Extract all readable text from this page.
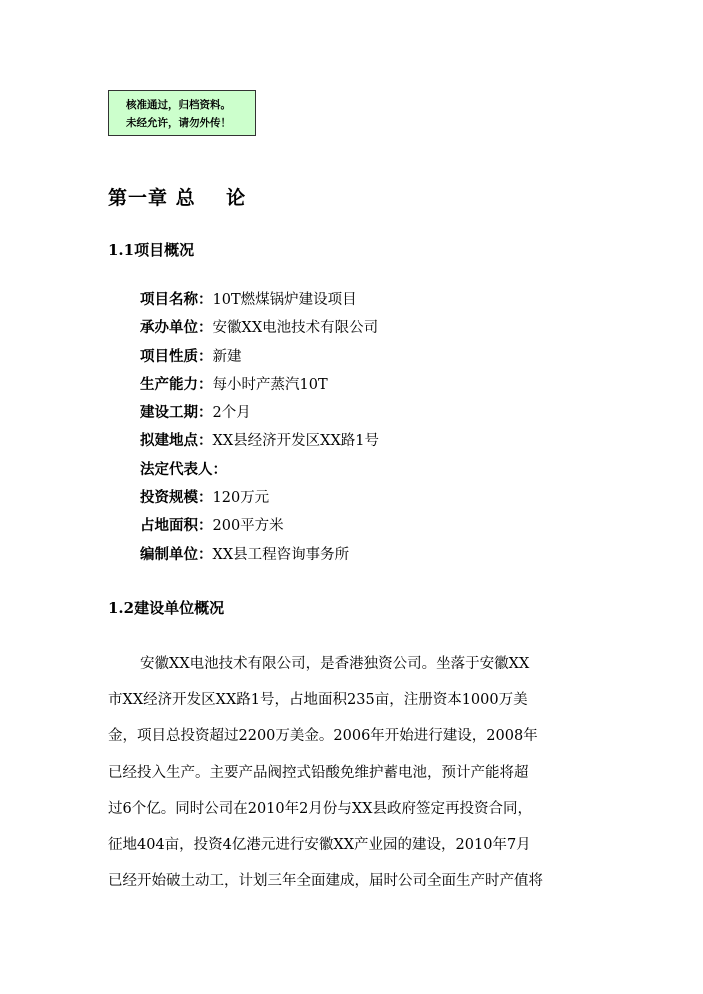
核准通过，归档资料。
未经允许，请勿外传！
第一章 总    论
1.1项目概况
项目名称：10T燃煤锅炉建设项目
承办单位：安徽XX电池技术有限公司
项目性质：新建
生产能力：每小时产蒸汽10T
建设工期：2个月
拟建地点：XX县经济开发区XX路1号
法定代表人：
投资规模：120万元
占地面积：200平方米
编制单位：XX县工程咨询事务所
1.2建设单位概况
安徽XX电池技术有限公司，是香港独资公司。坐落于安徽XX
市XX经济开发区XX路1号，占地面积235亩，注册资本1000万美
金，项目总投资超过2200万美金。2006年开始进行建设，2008年
已经投入生产。主要产品阀控式铅酸免维护蓄电池，预计产能将超
过6个亿。同时公司在2010年2月份与XX县政府签定再投资合同，
征地404亩，投资4亿港元进行安徽XX产业园的建设，2010年7月
已经开始破土动工，计划三年全面建成，届时公司全面生产时产值将
